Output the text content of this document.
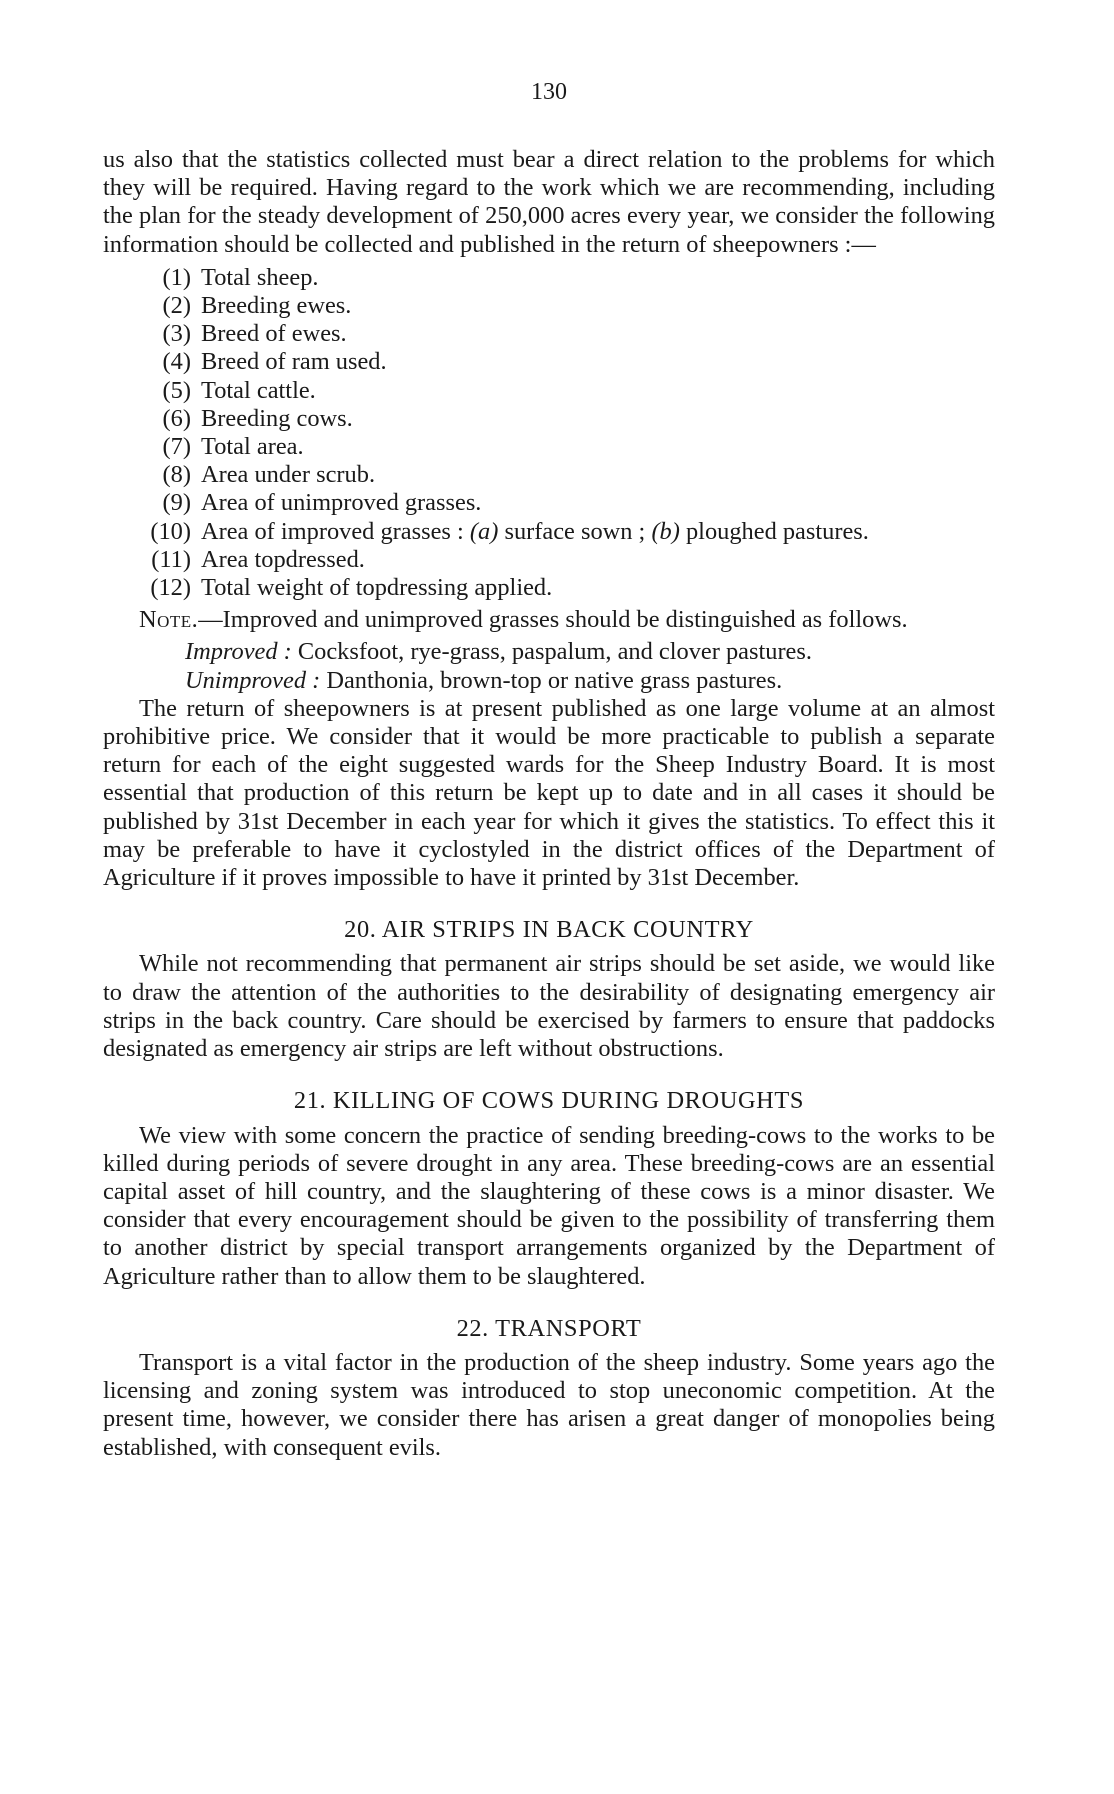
130

us also that the statistics collected must bear a direct relation to the problems for which they will be required. Having regard to the work which we are recommending, including the plan for the steady development of 250,000 acres every year, we consider the following information should be collected and published in the return of sheepowners :—

(1) Total sheep.
(2) Breeding ewes.
(3) Breed of ewes.
(4) Breed of ram used.
(5) Total cattle.
(6) Breeding cows.
(7) Total area.
(8) Area under scrub.
(9) Area of unimproved grasses.
(10) Area of improved grasses : (a) surface sown ; (b) ploughed pastures.
(11) Area topdressed.
(12) Total weight of topdressing applied.

Note.—Improved and unimproved grasses should be distinguished as follows.

Improved : Cocksfoot, rye-grass, paspalum, and clover pastures.

Unimproved : Danthonia, brown-top or native grass pastures.

The return of sheepowners is at present published as one large volume at an almost prohibitive price. We consider that it would be more practicable to publish a separate return for each of the eight suggested wards for the Sheep Industry Board. It is most essential that production of this return be kept up to date and in all cases it should be published by 31st December in each year for which it gives the statistics. To effect this it may be preferable to have it cyclostyled in the district offices of the Department of Agriculture if it proves impossible to have it printed by 31st December.

20. AIR STRIPS IN BACK COUNTRY

While not recommending that permanent air strips should be set aside, we would like to draw the attention of the authorities to the desirability of designating emergency air strips in the back country. Care should be exercised by farmers to ensure that paddocks designated as emergency air strips are left without obstructions.

21. KILLING OF COWS DURING DROUGHTS

We view with some concern the practice of sending breeding-cows to the works to be killed during periods of severe drought in any area. These breeding-cows are an essential capital asset of hill country, and the slaughtering of these cows is a minor disaster. We consider that every encouragement should be given to the possibility of transferring them to another district by special transport arrangements organized by the Department of Agriculture rather than to allow them to be slaughtered.

22. TRANSPORT

Transport is a vital factor in the production of the sheep industry. Some years ago the licensing and zoning system was introduced to stop uneconomic competition. At the present time, however, we consider there has arisen a great danger of monopolies being established, with consequent evils.
